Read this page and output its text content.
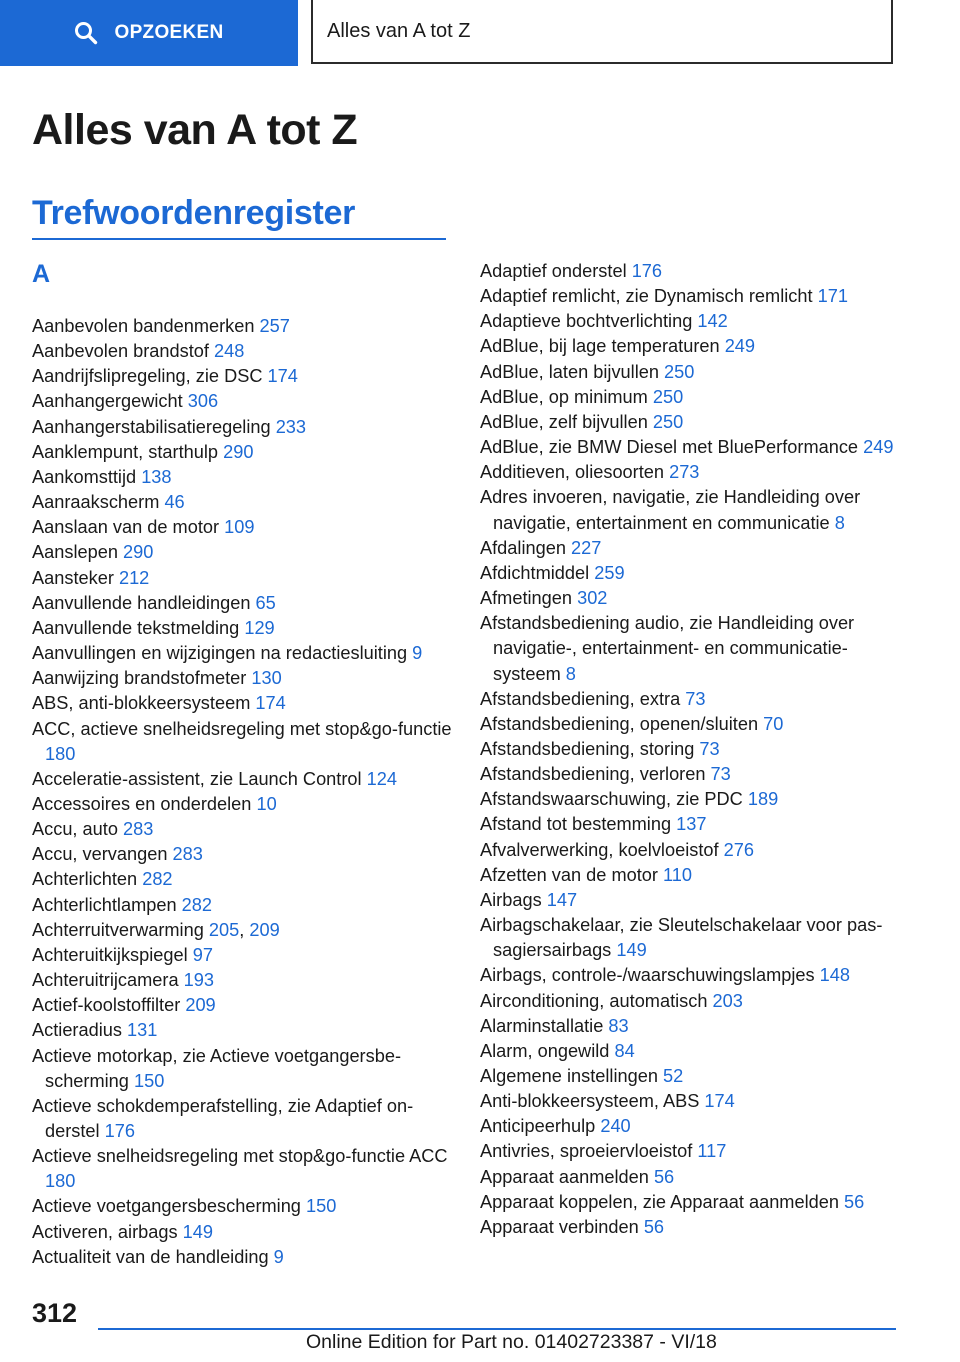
OPZOEKEN	Alles van A tot Z
Alles van A tot Z
Trefwoordenregister
A

Aanbevolen bandenmerken 257

Aanbevolen brandstof 248

Aandrijfslipregeling, zie DSC 174

Aanhangergewicht 306

Aanhangerstabilisatieregeling 233

Aanklempunt, starthulp 290

Aankomsttijd 138

Aanraakscherm 46

Aanslaan van de motor 109

Aanslepen 290

Aansteker 212

Aanvullende handleidingen 65

Aanvullende tekstmelding 129

Aanvullingen en wijzigingen na redactiesluiting 9

Aanwijzing brandstofmeter 130

ABS, anti-blokkeersysteem 174

ACC, actieve snelheidsregeling met stop&go-functie 180

Acceleratie-assistent, zie Launch Control 124

Accessoires en onderdelen 10

Accu, auto 283

Accu, vervangen 283

Achterlichten 282

Achterlichtlampen 282

Achterruitverwarming 205, 209

Achteruitkijkspiegel 97

Achteruitrijcamera 193

Actief-koolstoffilter 209

Actieradius 131

Actieve motorkap, zie Actieve voetgangersbescherming 150

Actieve schokdemperafstelling, zie Adaptief onderstel 176

Actieve snelheidsregeling met stop&go-functie ACC 180

Actieve voetgangersbescherming 150

Activeren, airbags 149

Actualiteit van de handleiding 9

Adaptief onderstel 176

Adaptief remlicht, zie Dynamisch remlicht 171

Adaptieve bochtverlichting 142

AdBlue, bij lage temperaturen 249

AdBlue, laten bijvullen 250

AdBlue, op minimum 250

AdBlue, zelf bijvullen 250

AdBlue, zie BMW Diesel met BluePerformance 249

Additieven, oliesoorten 273

Adres invoeren, navigatie, zie Handleiding over navigatie, entertainment en communicatie 8

Afdalingen 227

Afdichtmiddel 259

Afmetingen 302

Afstandsbediening audio, zie Handleiding over navigatie-, entertainment- en communicatiesysteem 8

Afstandsbediening, extra 73

Afstandsbediening, openen/sluiten 70

Afstandsbediening, storing 73

Afstandsbediening, verloren 73

Afstandswaarschuwing, zie PDC 189

Afstand tot bestemming 137

Afvalverwerking, koelvloeistof 276

Afzetten van de motor 110

Airbags 147

Airbagschakelaar, zie Sleutelschakelaar voor passagiersairbags 149

Airbags, controle-/waarschuwingslampjes 148

Airconditioning, automatisch 203

Alarminstallatie 83

Alarm, ongewild 84

Algemene instellingen 52

Anti-blokkeersysteem, ABS 174

Anticipeerhulp 240

Antivries, sproeiervloeistof 117

Apparaat aanmelden 56

Apparaat koppelen, zie Apparaat aanmelden 56

Apparaat verbinden 56

312
Online Edition for Part no. 01402723387 - VI/18
